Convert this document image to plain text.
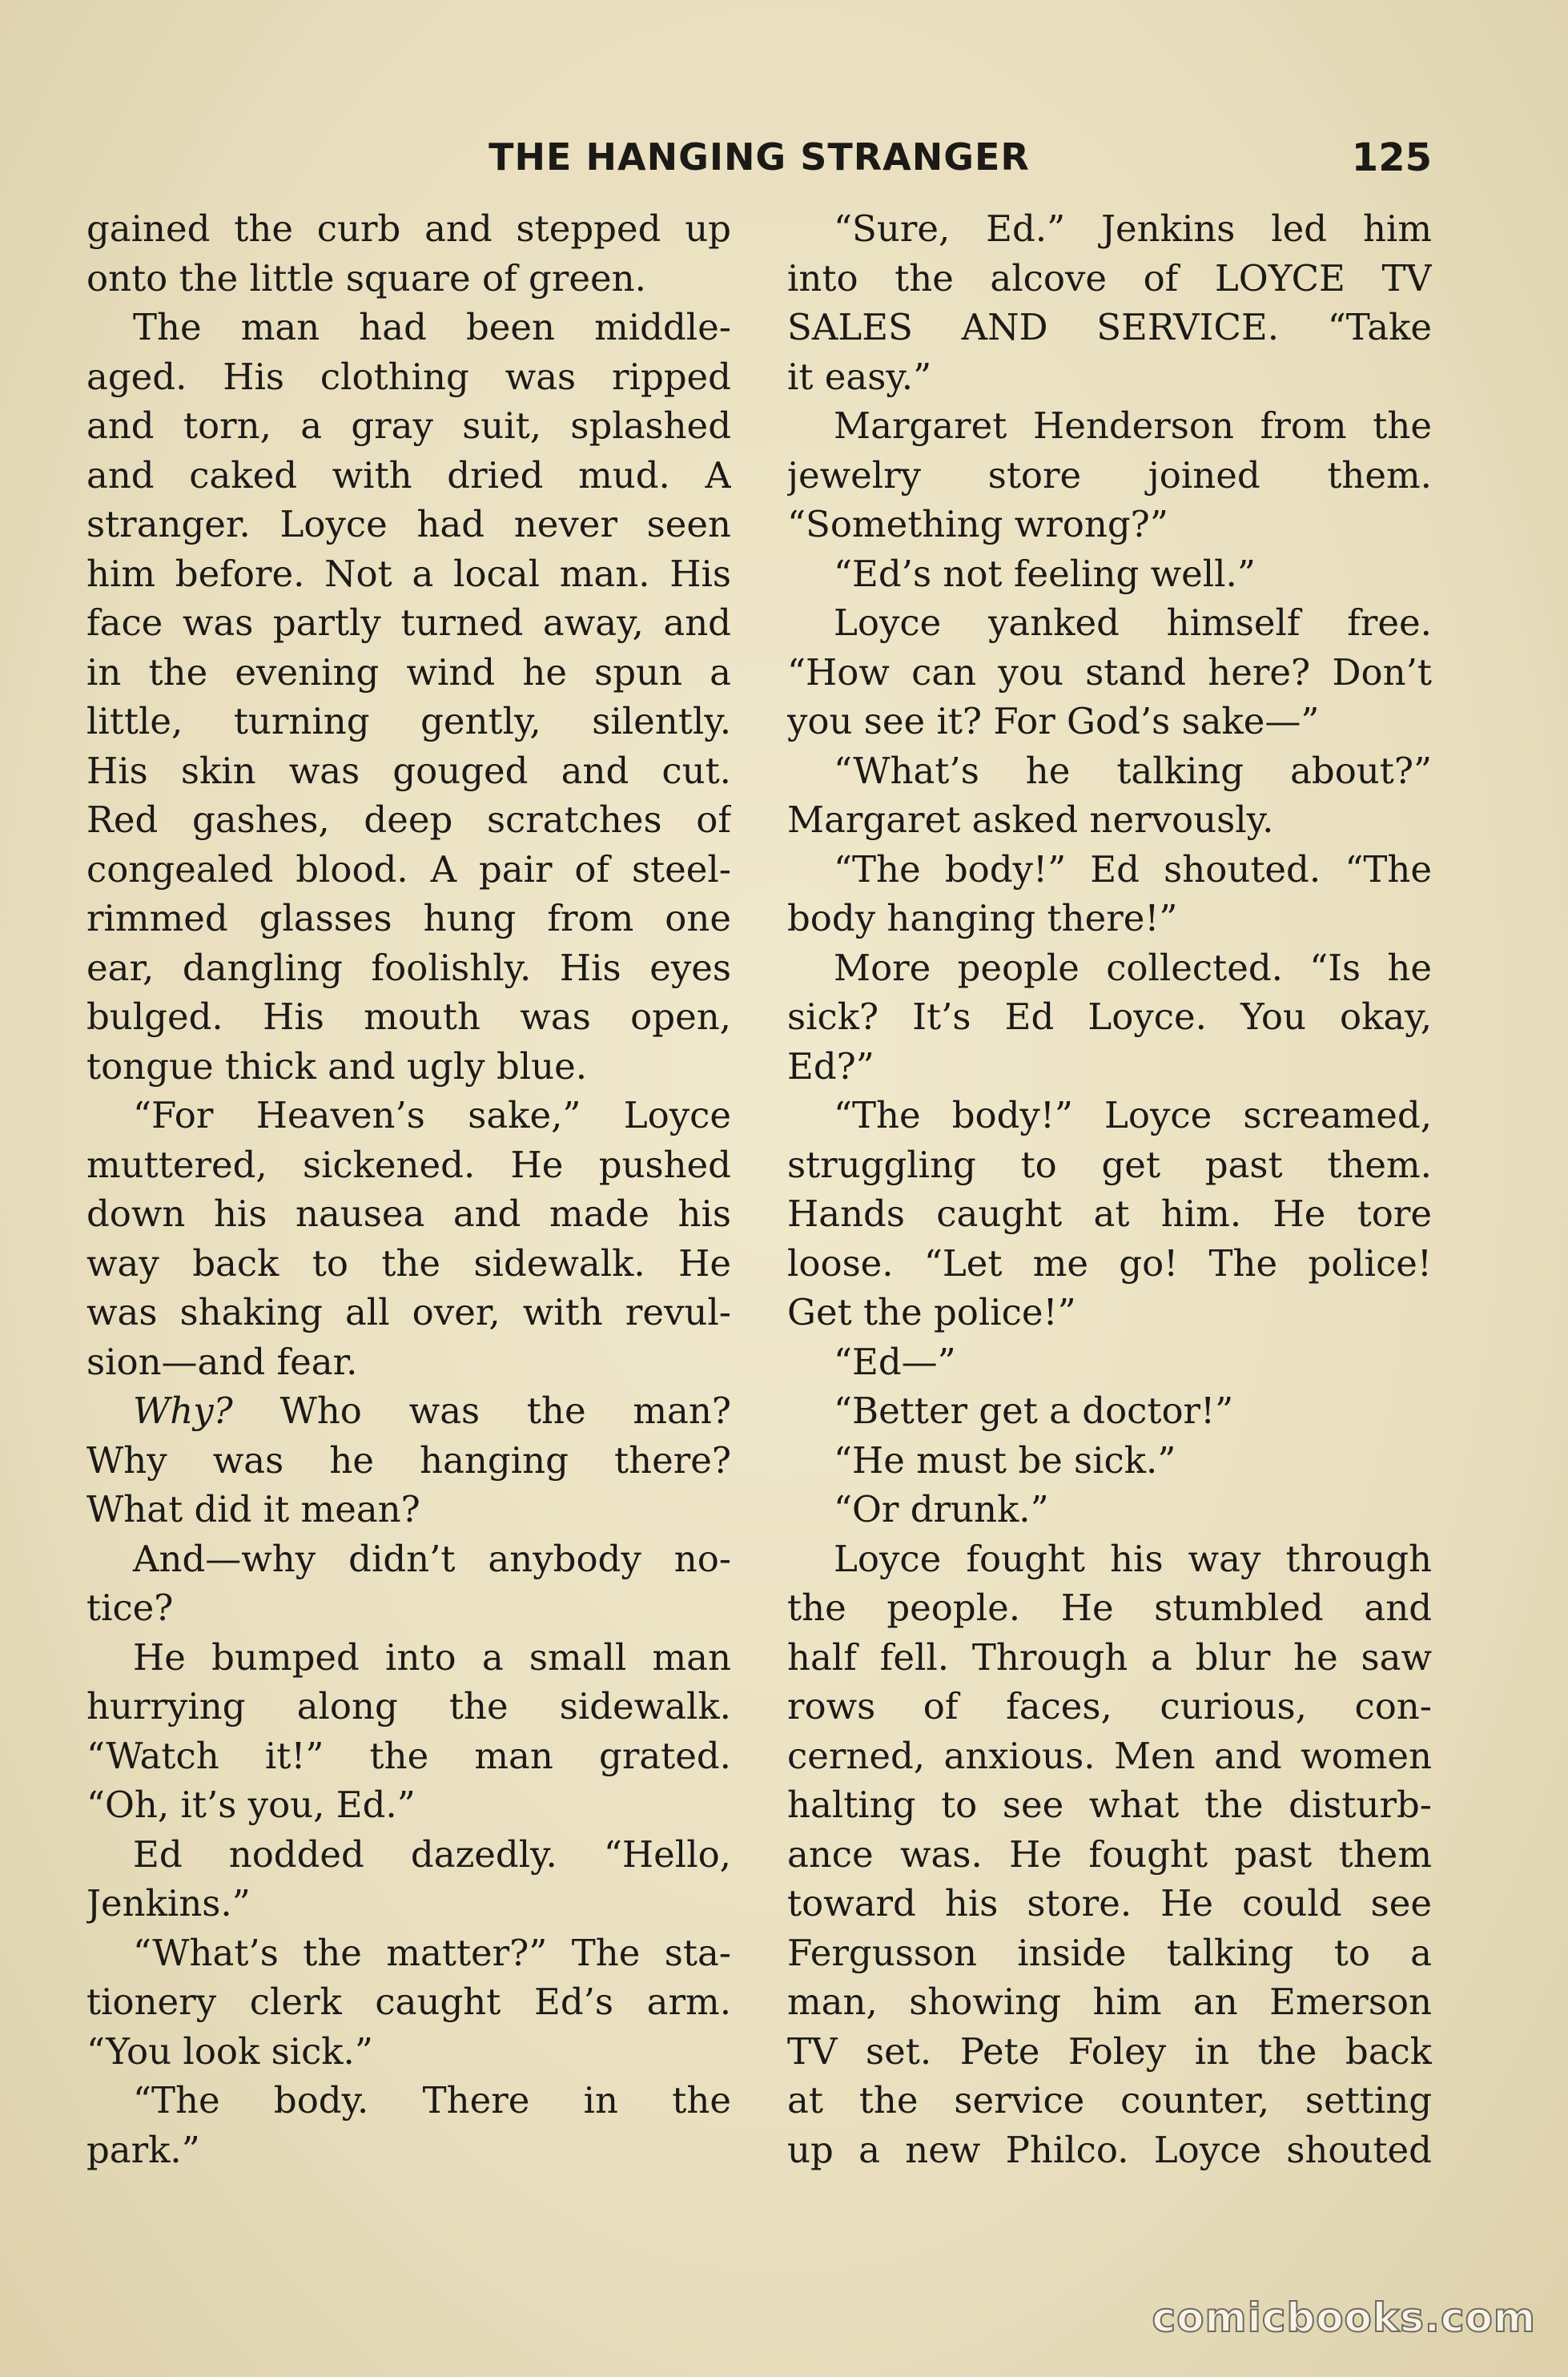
THE HANGING STRANGER	125
gained the curb and stepped up
onto the little square of green.
The man had been middle-
aged. His clothing was ripped
and torn, a gray suit, splashed
and caked with dried mud. A
stranger. Loyce had never seen
him before. Not a local man. His
face was partly turned away, and
in the evening wind he spun a
little, turning gently, silently.
His skin was gouged and cut.
Red gashes, deep scratches of
congealed blood. A pair of steel-
rimmed glasses hung from one
ear, dangling foolishly. His eyes
bulged. His mouth was open,
tongue thick and ugly blue.
“For Heaven’s sake,” Loyce
muttered, sickened. He pushed
down his nausea and made his
way back to the sidewalk. He
was shaking all over, with revul-
sion—and fear.
Why? Who was the man?
Why was he hanging there?
What did it mean?
And—why didn’t anybody no-
tice?
He bumped into a small man
hurrying along the sidewalk.
“Watch it!” the man grated.
“Oh, it’s you, Ed.”
Ed nodded dazedly. “Hello,
Jenkins.”
“What’s the matter?” The sta-
tionery clerk caught Ed’s arm.
“You look sick.”
“The body. There in the
park.”
“Sure, Ed.” Jenkins led him
into the alcove of LOYCE TV
SALES AND SERVICE. “Take
it easy.”
Margaret Henderson from the
jewelry store joined them.
“Something wrong?”
“Ed’s not feeling well.”
Loyce yanked himself free.
“How can you stand here? Don’t
you see it? For God’s sake—”
“What’s he talking about?”
Margaret asked nervously.
“The body!” Ed shouted. “The
body hanging there!”
More people collected. “Is he
sick? It’s Ed Loyce. You okay,
Ed?”
“The body!” Loyce screamed,
struggling to get past them.
Hands caught at him. He tore
loose. “Let me go! The police!
Get the police!”
“Ed—”
“Better get a doctor!”
“He must be sick.”
“Or drunk.”
Loyce fought his way through
the people. He stumbled and
half fell. Through a blur he saw
rows of faces, curious, con-
cerned, anxious. Men and women
halting to see what the disturb-
ance was. He fought past them
toward his store. He could see
Fergusson inside talking to a
man, showing him an Emerson
TV set. Pete Foley in the back
at the service counter, setting
up a new Philco. Loyce shouted
comicbooks.com
